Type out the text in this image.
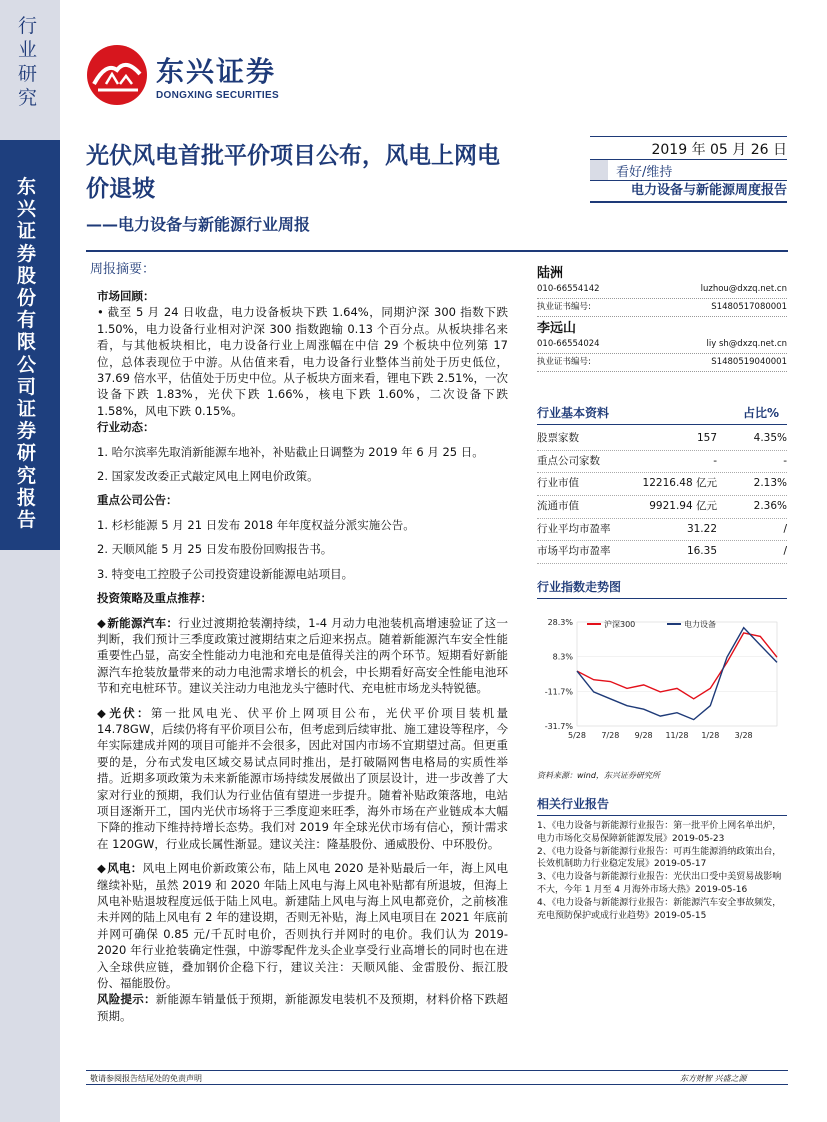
行业研究
东兴证券股份有限公司证券研究报告
东兴证券
DONGXING SECURITIES
光伏风电首批平价项目公布，风电上网电价退坡
——电力设备与新能源行业周报
2019 年 05 月 26 日
看好/维持
电力设备与新能源周度报告
周报摘要：

市场回顾：

• 截至 5 月 24 日收盘，电力设备板块下跌 1.64%，同期沪深 300 指数下跌 1.50%，电力设备行业相对沪深 300 指数跑输 0.13 个百分点。从板块排名来看，与其他板块相比，电力设备行业上周涨幅在中信 29 个板块中位列第 17 位，总体表现位于中游。从估值来看，电力设备行业整体当前处于历史低位，37.69 倍水平，估值处于历史中位。从子板块方面来看，锂电下跌 2.51%，一次设备下跌 1.83%，光伏下跌 1.66%，核电下跌 1.60%，二次设备下跌 1.58%，风电下跌 0.15%。

行业动态：

1. 哈尔滨率先取消新能源车地补，补贴截止日调整为 2019 年 6 月 25 日。

2. 国家发改委正式敲定风电上网电价政策。

重点公司公告：

1. 杉杉能源 5 月 21 日发布 2018 年年度权益分派实施公告。

2. 天顺风能 5 月 25 日发布股份回购报告书。

3. 特变电工控股子公司投资建设新能源电站项目。

投资策略及重点推荐：

◆新能源汽车：行业过渡期抢装潮持续，1-4 月动力电池装机高增速验证了这一判断，我们预计三季度政策过渡期结束之后迎来拐点。随着新能源汽车安全性能重要性凸显，高安全性能动力电池和充电是值得关注的两个环节。短期看好新能源汽车抢装放量带来的动力电池需求增长的机会，中长期看好高安全性能电池环节和充电桩环节。建议关注动力电池龙头宁德时代、充电桩市场龙头特锐德。

◆光伏：第一批风电光、伏平价上网项目公布，光伏平价项目装机量 14.78GW，后续仍将有平价项目公布，但考虑到后续审批、施工建设等程序，今年实际建成并网的项目可能并不会很多，因此对国内市场不宜期望过高。但更重要的是，分布式发电区域交易试点同时推出，是打破隔网售电格局的实质性举措。近期多项政策为未来新能源市场持续发展做出了顶层设计，进一步改善了大家对行业的预期，我们认为行业估值有望进一步提升。随着补贴政策落地，电站项目逐渐开工，国内光伏市场将于三季度迎来旺季，海外市场在产业链成本大幅下降的推动下维持持增长态势。我们对 2019 年全球光伏市场有信心，预计需求在 120GW，行业成长属性渐显。建议关注：隆基股份、通威股份、中环股份。

◆风电：风电上网电价新政策公布，陆上风电 2020 是补贴最后一年，海上风电继续补贴，虽然 2019 和 2020 年陆上风电与海上风电补贴都有所退坡，但海上风电补贴退坡程度远低于陆上风电。新建陆上风电与海上风电都竞价，之前核准未并网的陆上风电有 2 年的建设期，否则无补贴，海上风电项目在 2021 年底前并网可确保 0.85 元/千瓦时电价，否则执行并网时的电价。我们认为 2019-2020 年行业抢装确定性强，中游零配件龙头企业享受行业高增长的同时也在进入全球供应链，叠加钢价企稳下行，建议关注：天顺风能、金雷股份、振江股份、福能股份。

风险提示：新能源车销量低于预期，新能源发电装机不及预期，材料价格下跌超预期。

陆洲
010-66554142	luzhou@dxzq.net.cn
执业证书编号:	S1480517080001
李远山
010-66554024	liy sh@dxzq.net.cn
执业证书编号:	S1480519040001
行业基本资料	占比%
股票家数	157	4.35%
重点公司家数	-	-
行业市值	12216.48 亿元	2.13%
流通市值	9921.94 亿元	2.36%
行业平均市盈率	31.22	/
市场平均市盈率	16.35	/
行业指数走势图
28.3%
8.3%
-11.7%
-31.7%
5/28 7/28 9/28 11/28 1/28 3/28
沪深300	电力设备
资料来源：wind，东兴证券研究所
相关行业报告
1、《电力设备与新能源行业报告：第一批平价上网名单出炉，电力市场化交易保障新能源发展》2019-05-23
2、《电力设备与新能源行业报告：可再生能源消纳政策出台，长效机制助力行业稳定发展》2019-05-17
3、《电力设备与新能源行业报告：光伏出口受中美贸易战影响不大，今年 1 月至 4 月海外市场大热》2019-05-16
4、《电力设备与新能源行业报告：新能源汽车安全事故频发，充电预防保护或成行业趋势》2019-05-15
敬请参阅报告结尾处的免责声明	东方财智 兴盛之源
